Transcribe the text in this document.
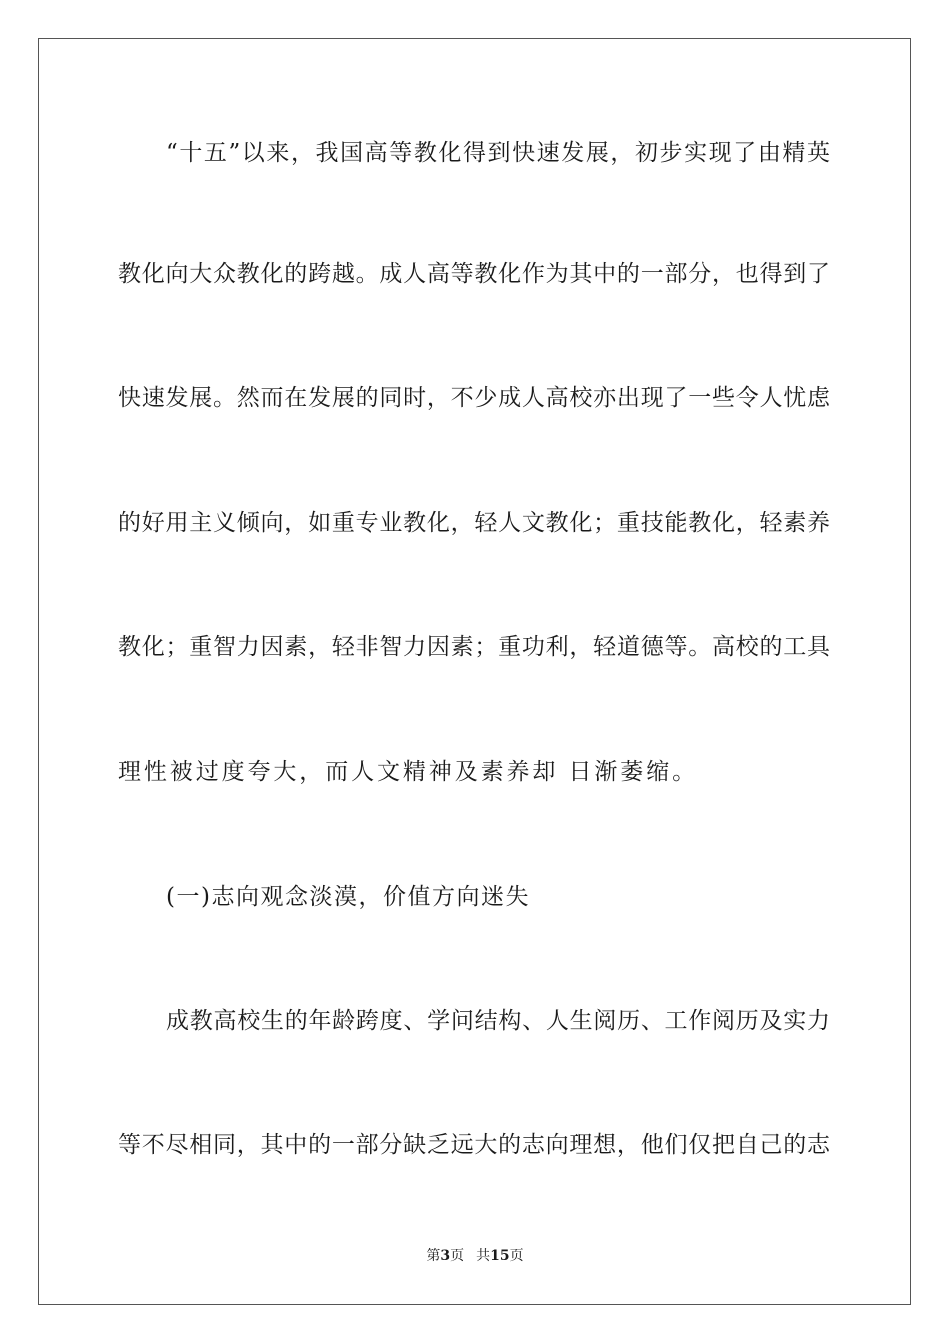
“十五”以来，我国高等教化得到快速发展，初步实现了由精英
教化向大众教化的跨越。成人高等教化作为其中的一部分，也得到了
快速发展。然而在发展的同时，不少成人高校亦出现了一些令人忧虑
的好用主义倾向，如重专业教化，轻人文教化；重技能教化，轻素养
教化；重智力因素，轻非智力因素；重功利，轻道德等。高校的工具
理性被过度夸大，而人文精神及素养却 日渐萎缩。
(一)志向观念淡漠，价值方向迷失
成教高校生的年龄跨度、学问结构、人生阅历、工作阅历及实力
等不尽相同，其中的一部分缺乏远大的志向理想，他们仅把自己的志
第3页 共15页
